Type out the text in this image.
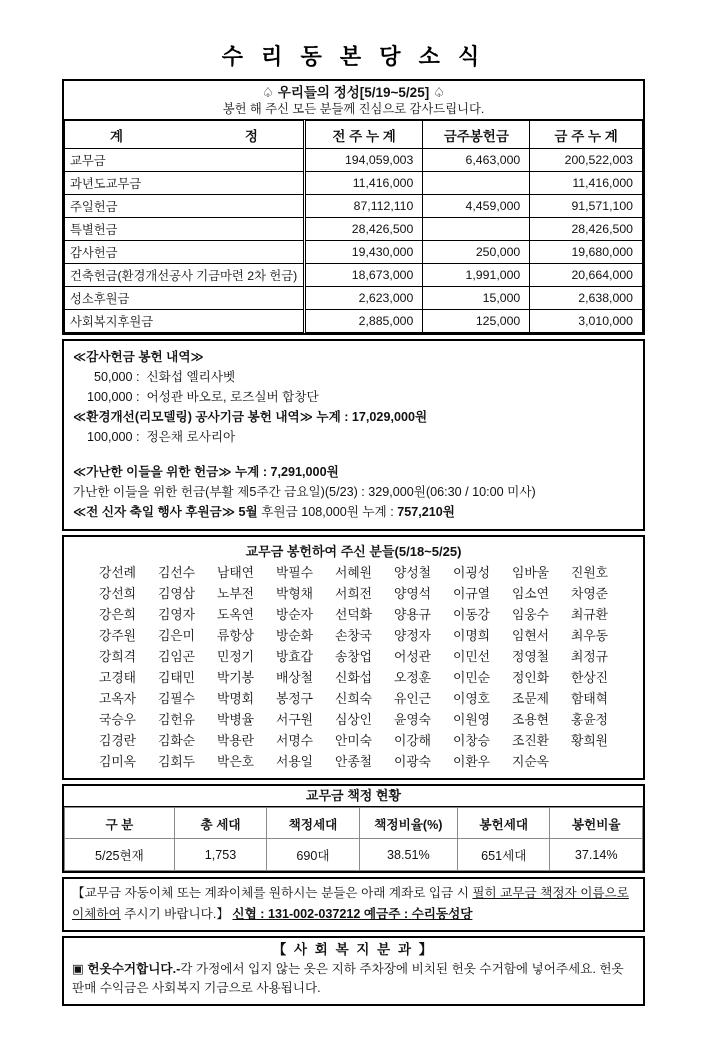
수 리 동 본 당 소 식
♤ 우리들의 정성[5/19~5/25] ♤
봉헌 해 주신 모든 분들께 진심으로 감사드립니다.
계 정	전 주 누 계	금주봉헌금	금 주 누 계
교무금	194,059,003	6,463,000	200,522,003
과년도교무금	11,416,000		11,416,000
주일헌금	87,112,110	4,459,000	91,571,100
특별헌금	28,426,500		28,426,500
감사헌금	19,430,000	250,000	19,680,000
건축헌금(환경개선공사 기금마련 2차 헌금)	18,673,000	1,991,000	20,664,000
성소후원금	2,623,000	15,000	2,638,000
사회복지후원금	2,885,000	125,000	3,010,000
≪감사헌금 봉헌 내역≫
50,000 :  신화섭 엘리사벳
100,000 :  어성관 바오로, 로즈실버 합창단
≪환경개선(리모델링) 공사기금 봉헌 내역≫ 누계 : 17,029,000원
100,000 :  정은채 로사리아
≪가난한 이들을 위한 헌금≫ 누계 : 7,291,000원
가난한 이들을 위한 헌금(부활 제5주간 금요일)(5/23) : 329,000원(06:30 / 10:00 미사)
≪전 신자 축일 행사 후원금≫ 5월 후원금 108,000원 누계 : 757,210원
교무금 봉헌하여 주신 분들(5/18~5/25)
강선례	김선수	남태연	박필수	서혜원	양성철	이굉성	임바울	진원호
강선희	김영삼	노부전	박형채	서희전	양영석	이규열	임소연	차영준
강은희	김영자	도옥연	방순자	선덕화	양용규	이동강	임웅수	최규환
강주원	김은미	류항상	방순화	손창국	양정자	이명희	임현서	최우동
강희격	김임곤	민정기	방효갑	송창업	어성관	이민선	정영철	최정규
고경태	김태민	박기봉	배상철	신화섭	오정훈	이민순	정인화	한상진
고옥자	김필수	박명회	봉정구	신희숙	유인근	이영호	조문제	함태혁
국승우	김헌유	박병율	서구원	심상인	윤영숙	이원영	조용현	홍윤정
김경란	김화순	박용란	서명수	안미숙	이강해	이창승	조진환	황희원
김미옥	김회두	박은호	서용일	안종철	이광숙	이환우	지순옥
교무금 책정 현황
구 분	총 세대	책정세대	책정비율(%)	봉헌세대	봉헌비율
5/25현재	1,753	690대	38.51%	651세대	37.14%
【교무금 자동이체 또는 계좌이체를 원하시는 분들은 아래 계좌로 입금 시 필히 교무금 책정자 이름으로 이체하여 주시기 바랍니다.】 신협 : 131-002-037212 예금주 : 수리동성당
【 사 회 복 지 분 과 】
▣ 헌옷수거합니다.-각 가정에서 입지 않는 옷은 지하 주차장에 비치된 헌옷 수거함에 넣어주세요. 헌옷 판매 수익금은 사회복지 기금으로 사용됩니다.
